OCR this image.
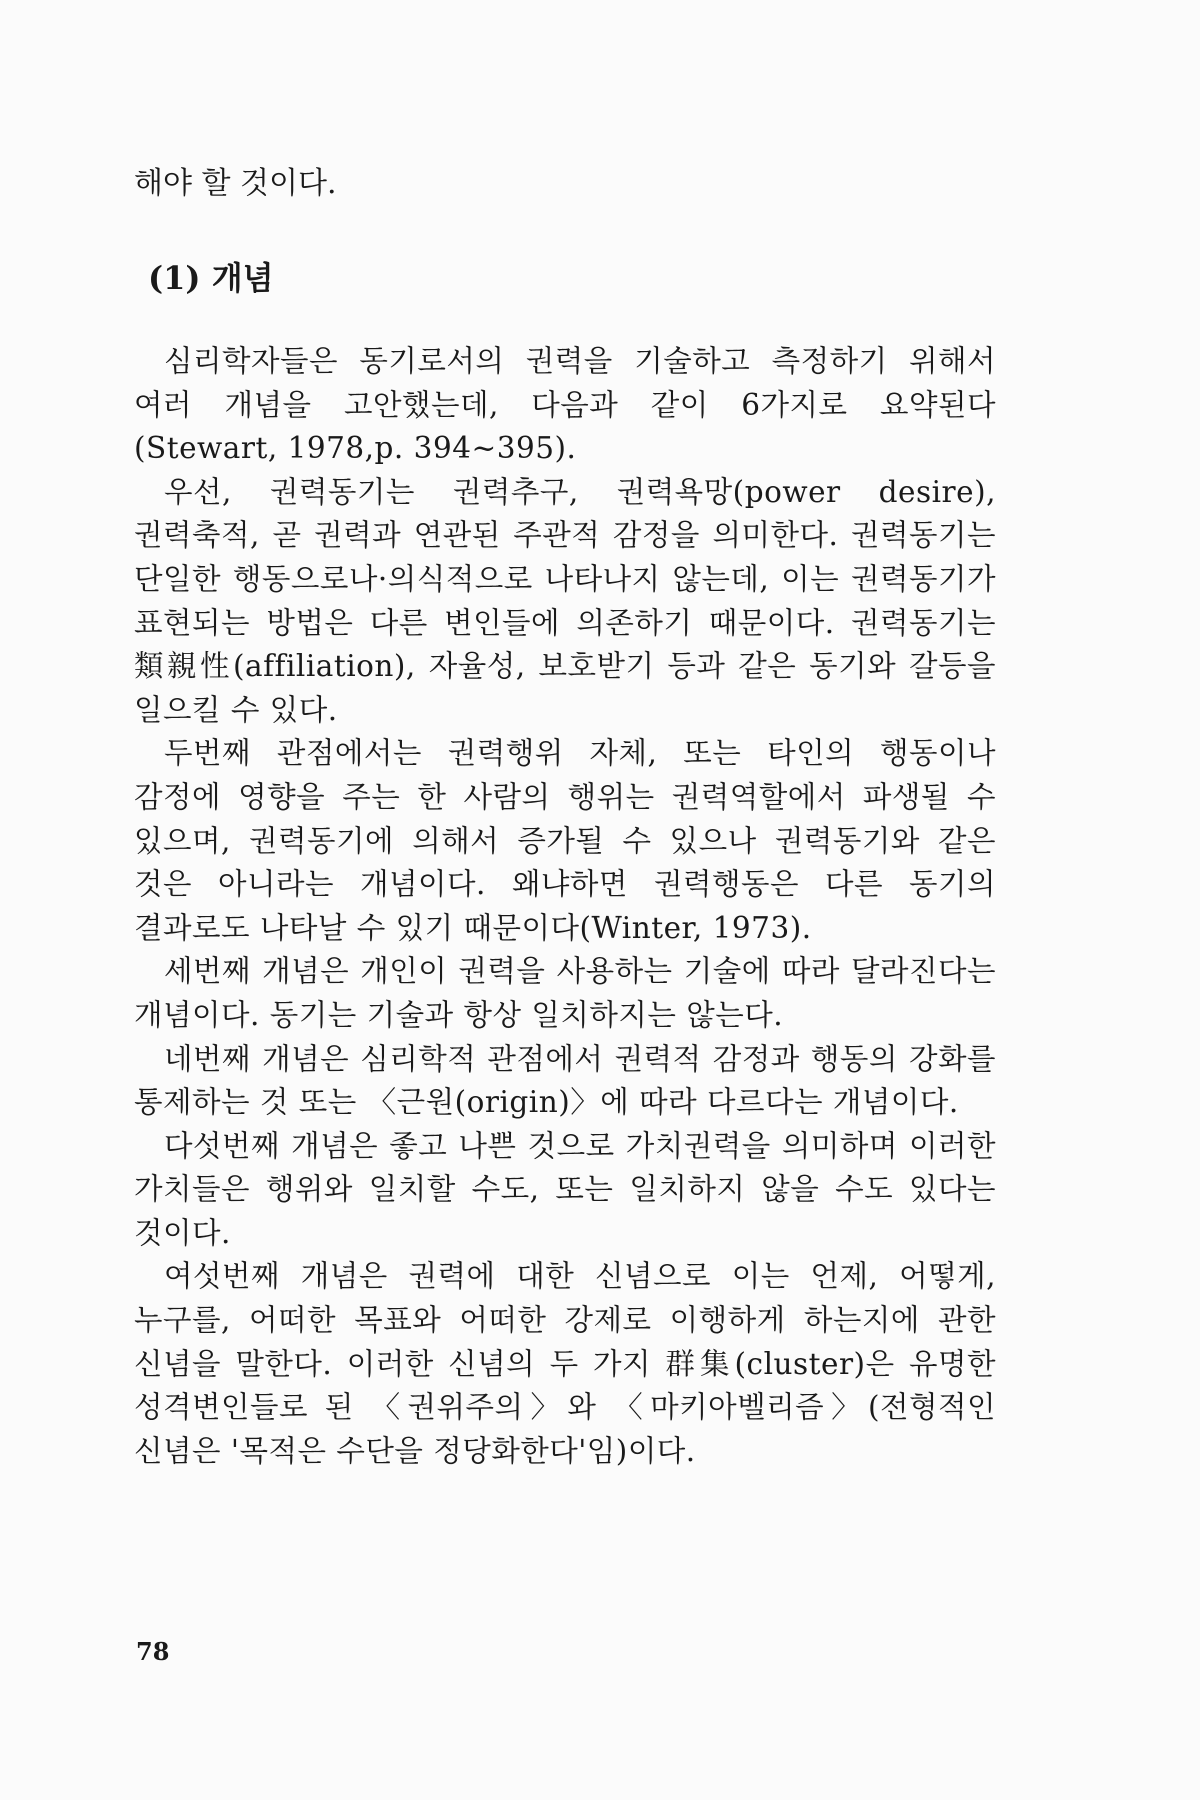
해야 할 것이다.
(1) 개념

심리학자들은 동기로서의 권력을 기술하고 측정하기 위해서 여러 개념을 고안했는데, 다음과 같이 6가지로 요약된다(Stewart, 1978,p. 394~395).

우선, 권력동기는 권력추구, 권력욕망(power desire), 권력축적, 곧 권력과 연관된 주관적 감정을 의미한다. 권력동기는 단일한 행동으로나·의식적으로 나타나지 않는데, 이는 권력동기가 표현되는 방법은 다른 변인들에 의존하기 때문이다. 권력동기는 類親性(affiliation), 자율성, 보호받기 등과 같은 동기와 갈등을 일으킬 수 있다.

두번째 관점에서는 권력행위 자체, 또는 타인의 행동이나 감정에 영향을 주는 한 사람의 행위는 권력역할에서 파생될 수 있으며, 권력동기에 의해서 증가될 수 있으나 권력동기와 같은 것은 아니라는 개념이다. 왜냐하면 권력행동은 다른 동기의 결과로도 나타날 수 있기 때문이다(Winter, 1973).

세번째 개념은 개인이 권력을 사용하는 기술에 따라 달라진다는 개념이다. 동기는 기술과 항상 일치하지는 않는다.

네번째 개념은 심리학적 관점에서 권력적 감정과 행동의 강화를 통제하는 것 또는 〈근원(origin)〉에 따라 다르다는 개념이다.

다섯번째 개념은 좋고 나쁜 것으로 가치권력을 의미하며 이러한 가치들은 행위와 일치할 수도, 또는 일치하지 않을 수도 있다는 것이다.

여섯번째 개념은 권력에 대한 신념으로 이는 언제, 어떻게, 누구를, 어떠한 목표와 어떠한 강제로 이행하게 하는지에 관한 신념을 말한다. 이러한 신념의 두 가지 群集(cluster)은 유명한 성격변인들로 된 〈권위주의〉와 〈마키아벨리즘〉(전형적인 신념은 '목적은 수단을 정당화한다'임)이다.

78
